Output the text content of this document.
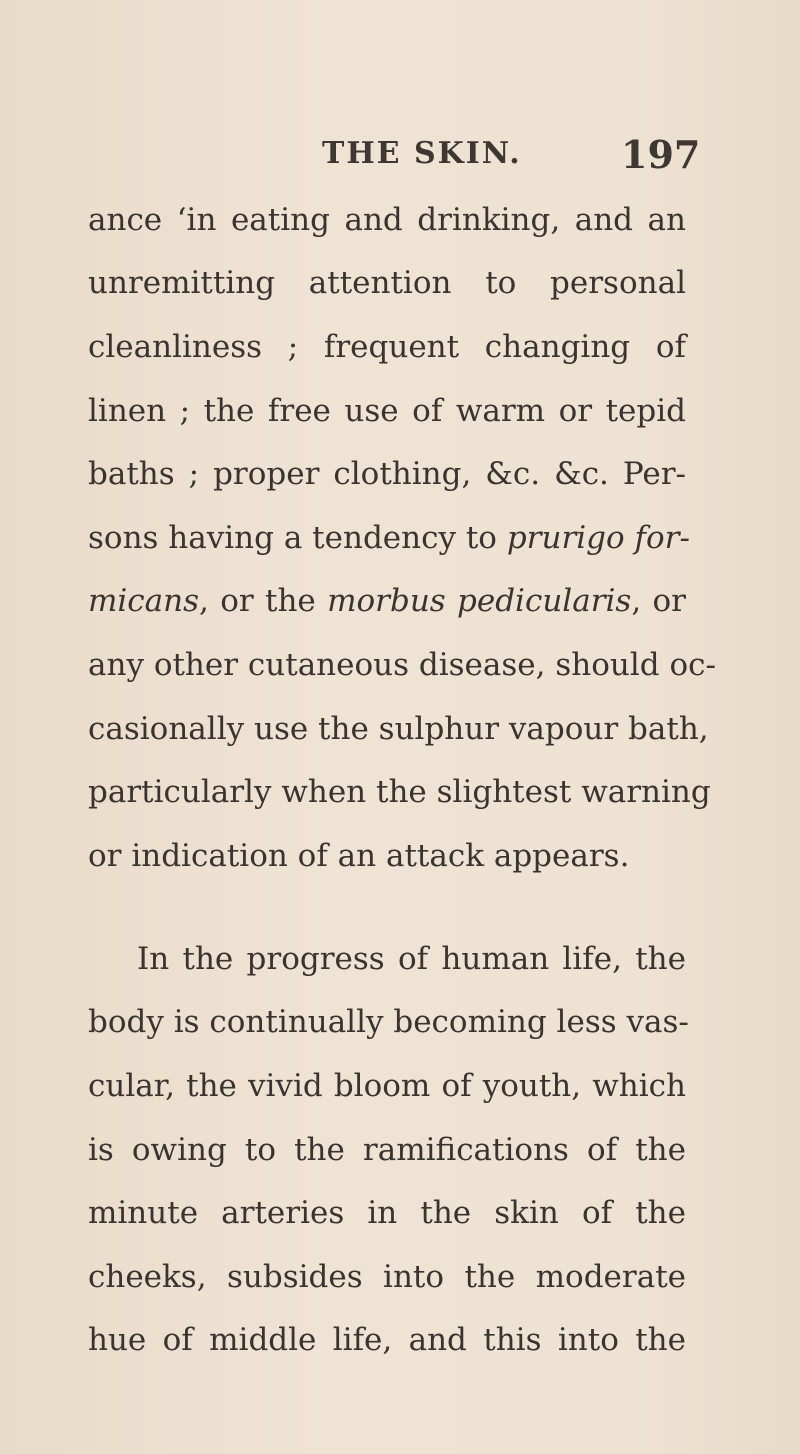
THE SKIN.	197
ance ‘in eating and drinking, and an
unremitting attention to personal
cleanliness ; frequent changing of
linen ; the free use of warm or tepid
baths ; proper clothing, &c. &c. Per-
sons having a tendency to prurigo for-
micans, or the morbus pedicularis, or
any other cutaneous disease, should oc-
casionally use the sulphur vapour bath,
particularly when the slightest warning
or indication of an attack appears.
In the progress of human life, the
body is continually becoming less vas-
cular, the vivid bloom of youth, which
is owing to the ramifications of the
minute arteries in the skin of the
cheeks, subsides into the moderate
hue of middle life, and this into the
